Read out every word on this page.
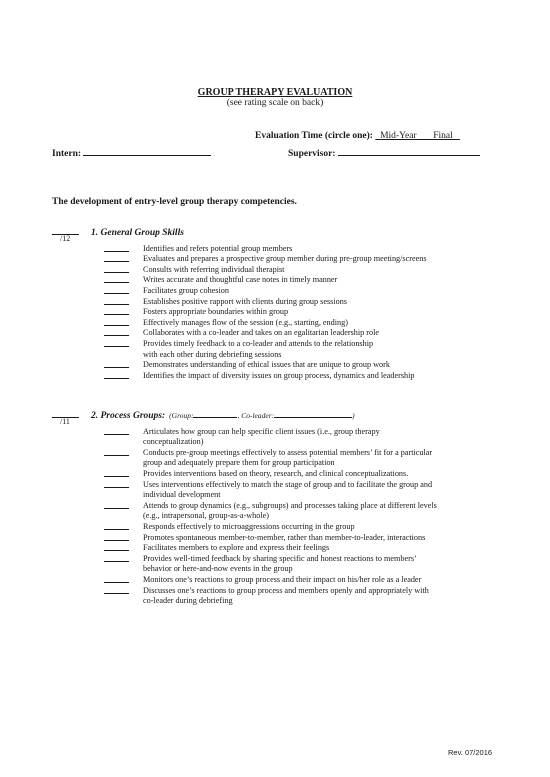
GROUP THERAPY EVALUATION
(see rating scale on back)
Evaluation Time (circle one): Mid-Year Final
Intern:	Supervisor:
The development of entry-level group therapy competencies.
1. General Group Skills
/12
Identifies and refers potential group members
Evaluates and prepares a prospective group member during pre-group meeting/screens
Consults with referring individual therapist
Writes accurate and thoughtful case notes in timely manner
Facilitates group cohesion
Establishes positive rapport with clients during group sessions
Fosters appropriate boundaries within group
Effectively manages flow of the session (e.g., starting, ending)
Collaborates with a co-leader and takes on an egalitarian leadership role
Provides timely feedback to a co-leader and attends to the relationship
with each other during debriefing sessions
Demonstrates understanding of ethical issues that are unique to group work
Identifies the impact of diversity issues on group process, dynamics and leadership
2. Process Groups: (Group:	, Co-leader:	)
/11
Articulates how group can help specific client issues (i.e., group therapy
conceptualization)
Conducts pre-group meetings effectively to assess potential members’ fit for a particular
group and adequately prepare them for group participation
Provides interventions based on theory, research, and clinical conceptualizations.
Uses interventions effectively to match the stage of group and to facilitate the group and
individual development
Attends to group dynamics (e.g., subgroups) and processes taking place at different levels
(e.g., intrapersonal, group-as-a-whole)
Responds effectively to microaggressions occurring in the group
Promotes spontaneous member-to-member, rather than member-to-leader, interactions
Facilitates members to explore and express their feelings
Provides well-timed feedback by sharing specific and honest reactions to members’
behavior or here-and-now events in the group
Monitors one’s reactions to group process and their impact on his/her role as a leader
Discusses one’s reactions to group process and members openly and appropriately with
co-leader during debriefing
Rev. 07/2016
